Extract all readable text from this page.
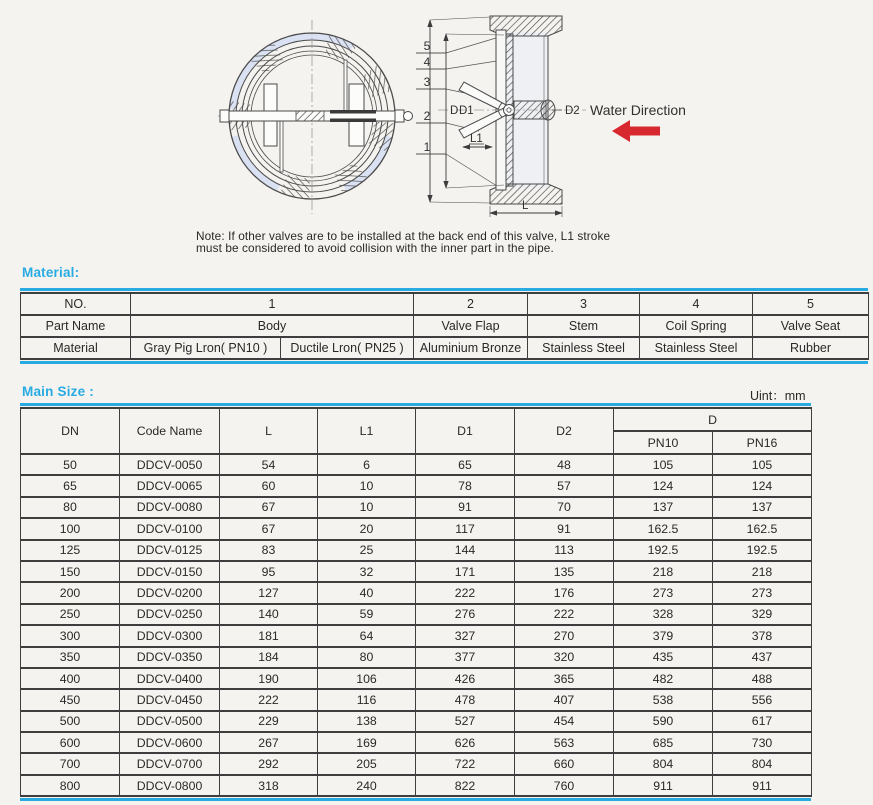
5
4
3
2
1
D D1	D2
L1
L
Water Direction
Note: If other valves are to be installed at the back end of this valve, L1 stroke
must be considered to avoid collision with the inner part in the pipe.
Material:
NO.	1		2	3	4	5
Part Name	Body		Valve Flap	Stem	Coil Spring	Valve Seat
Material	Gray Pig Lron( PN10 )	Ductile Lron( PN25 )	Aluminium Bronze	Stainless Steel	Stainless Steel	Rubber
Main Size :	Uint：mm
DN	Code Name	L	L1	D1	D2	D	
						PN10	PN16
50	DDCV-0050	54	6	65	48	105	105
65	DDCV-0065	60	10	78	57	124	124
80	DDCV-0080	67	10	91	70	137	137
100	DDCV-0100	67	20	117	91	162.5	162.5
125	DDCV-0125	83	25	144	113	192.5	192.5
150	DDCV-0150	95	32	171	135	218	218
200	DDCV-0200	127	40	222	176	273	273
250	DDCV-0250	140	59	276	222	328	329
300	DDCV-0300	181	64	327	270	379	378
350	DDCV-0350	184	80	377	320	435	437
400	DDCV-0400	190	106	426	365	482	488
450	DDCV-0450	222	116	478	407	538	556
500	DDCV-0500	229	138	527	454	590	617
600	DDCV-0600	267	169	626	563	685	730
700	DDCV-0700	292	205	722	660	804	804
800	DDCV-0800	318	240	822	760	911	911
